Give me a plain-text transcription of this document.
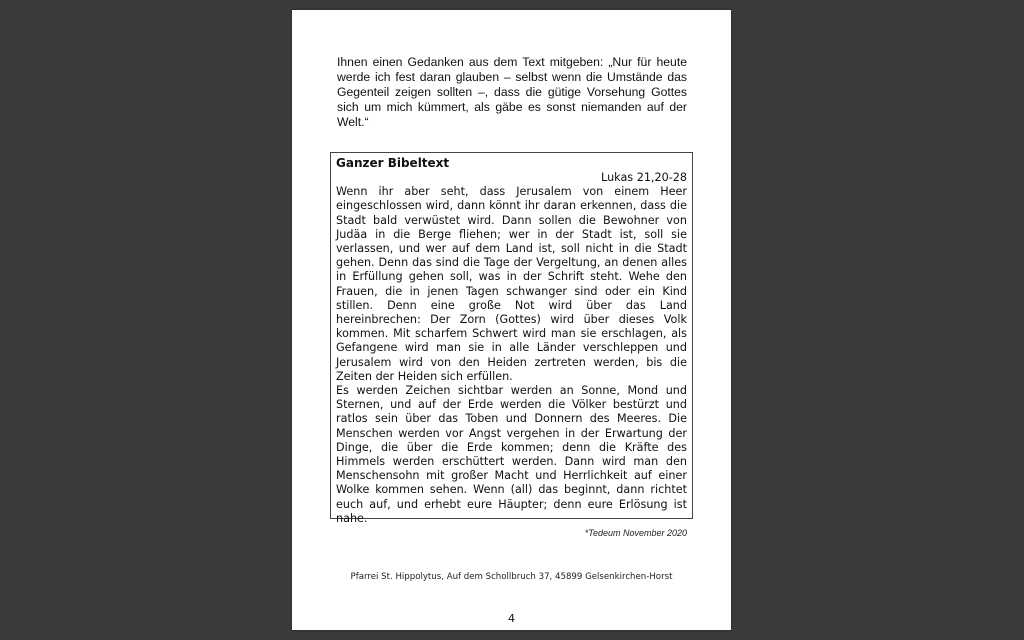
Ihnen einen Gedanken aus dem Text mitgeben: „Nur für heute werde ich fest daran glauben – selbst wenn die Umstände das Gegenteil zeigen sollten –, dass die gütige Vorsehung Gottes sich um mich kümmert, als gäbe es sonst niemanden auf der Welt.“

Ganzer Bibeltext

Lukas 21,20-28

Wenn ihr aber seht, dass Jerusalem von einem Heer eingeschlossen wird, dann könnt ihr daran erkennen, dass die Stadt bald verwüstet wird. Dann sollen die Bewohner von Judäa in die Berge fliehen; wer in der Stadt ist, soll sie verlassen, und wer auf dem Land ist, soll nicht in die Stadt gehen. Denn das sind die Tage der Vergeltung, an denen alles in Erfüllung gehen soll, was in der Schrift steht. Wehe den Frauen, die in jenen Tagen schwanger sind oder ein Kind stillen. Denn eine große Not wird über das Land hereinbrechen: Der Zorn (Gottes) wird über dieses Volk kommen. Mit scharfem Schwert wird man sie erschlagen, als Gefangene wird man sie in alle Länder verschleppen und Jerusalem wird von den Heiden zertreten werden, bis die Zeiten der Heiden sich erfüllen.

Es werden Zeichen sichtbar werden an Sonne, Mond und Sternen, und auf der Erde werden die Völker bestürzt und ratlos sein über das Toben und Donnern des Meeres. Die Menschen werden vor Angst vergehen in der Erwartung der Dinge, die über die Erde kommen; denn die Kräfte des Himmels werden erschüttert werden. Dann wird man den Menschensohn mit großer Macht und Herrlichkeit auf einer Wolke kommen sehen. Wenn (all) das beginnt, dann richtet euch auf, und erhebt eure Häupter; denn eure Erlösung ist nahe.

*Tedeum November 2020
Pfarrei St. Hippolytus, Auf dem Schollbruch 37, 45899 Gelsenkirchen-Horst
4
